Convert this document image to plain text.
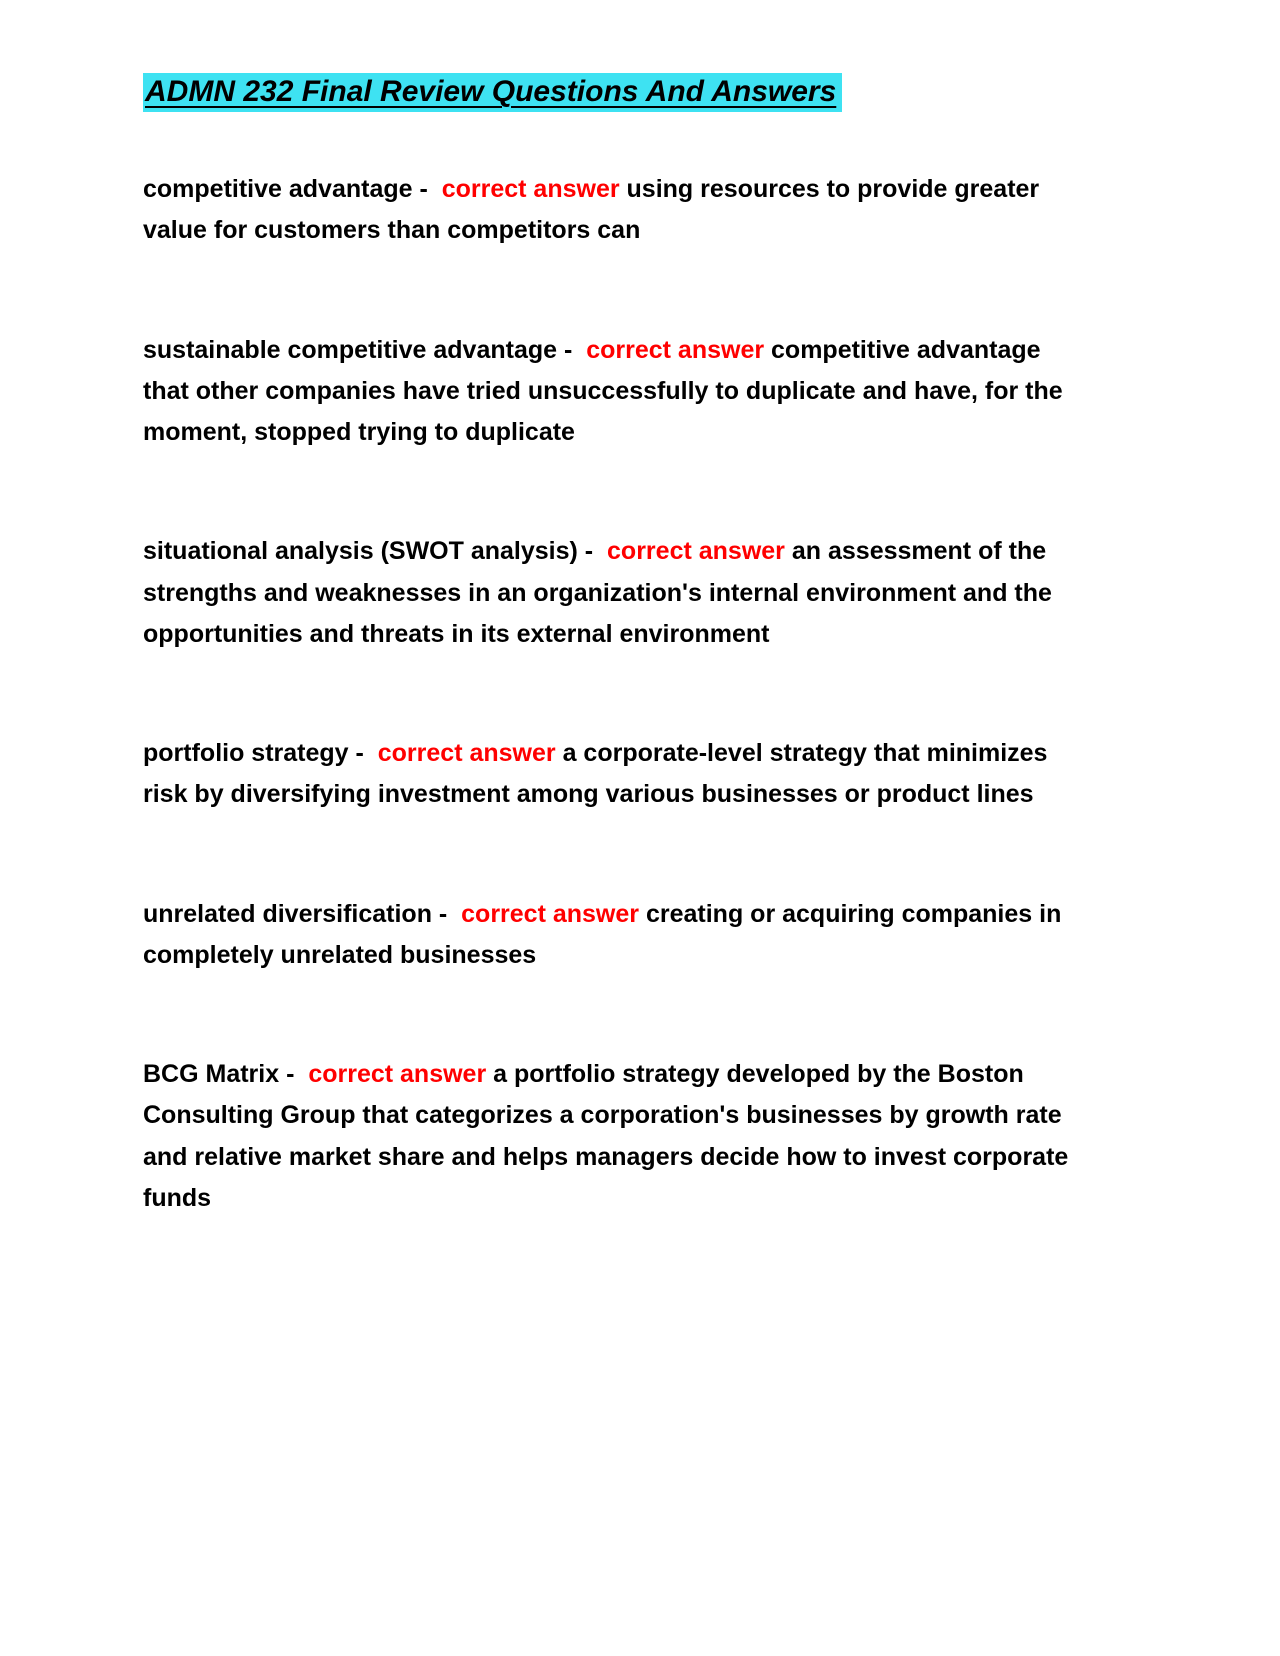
ADMN 232 Final Review Questions And Answers

competitive advantage -  correct answer using resources to provide greater value for customers than competitors can

sustainable competitive advantage -  correct answer competitive advantage that other companies have tried unsuccessfully to duplicate and have, for the moment, stopped trying to duplicate

situational analysis (SWOT analysis) -  correct answer an assessment of the strengths and weaknesses in an organization's internal environment and the opportunities and threats in its external environment

portfolio strategy -  correct answer a corporate-level strategy that minimizes risk by diversifying investment among various businesses or product lines

unrelated diversification -  correct answer creating or acquiring companies in completely unrelated businesses

BCG Matrix -  correct answer a portfolio strategy developed by the Boston Consulting Group that categorizes a corporation's businesses by growth rate and relative market share and helps managers decide how to invest corporate funds
